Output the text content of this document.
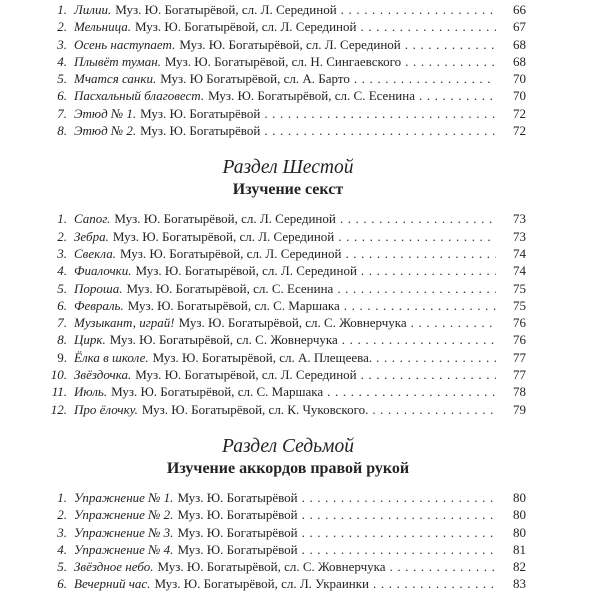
1. Лилии. Муз. Ю. Богатырёвой, сл. Л. Серединой .....	66
2. Мельница. Муз. Ю. Богатырёвой, сл. Л. Серединой .....	67
3. Осень наступает. Муз. Ю. Богатырёвой, сл. Л. Серединой .....	68
4. Плывёт туман. Муз. Ю. Богатырёвой, сл. Н. Сингаевского .....	68
5. Мчатся санки. Муз. Ю Богатырёвой, сл. А. Барто .....	70
6. Пасхальный благовест. Муз. Ю. Богатырёвой, сл. С. Есенина .....	70
7. Этюд № 1. Муз. Ю. Богатырёвой .....	72
8. Этюд № 2. Муз. Ю. Богатырёвой .....	72
Раздел Шестой
Изучение секст
1. Сапог. Муз. Ю. Богатырёвой, сл. Л. Серединой .....	73
2. Зебра. Муз. Ю. Богатырёвой, сл. Л. Серединой .....	73
3. Свекла. Муз. Ю. Богатырёвой, сл. Л. Серединой .....	74
4. Фиалочки. Муз. Ю. Богатырёвой, сл. Л. Серединой .....	74
5. Пороша. Муз. Ю. Богатырёвой, сл. С. Есенина .....	75
6. Февраль. Муз. Ю. Богатырёвой, сл. С. Маршака .....	75
7. Музыкант, играй! Муз. Ю. Богатырёвой, сл. С. Жовнерчука .....	76
8. Цирк. Муз. Ю. Богатырёвой, сл. С. Жовнерчука .....	76
9. Ёлка в школе. Муз. Ю. Богатырёвой, сл. А. Плещеева. .....	77
10. Звёздочка. Муз. Ю. Богатырёвой, сл. Л. Серединой .....	77
11. Июль. Муз. Ю. Богатырёвой, сл. С. Маршака .....	78
12. Про ёлочку. Муз. Ю. Богатырёвой, сл. К. Чуковского. .....	79
Раздел Седьмой
Изучение аккордов правой рукой
1. Упражнение № 1. Муз. Ю. Богатырёвой .....	80
2. Упражнение № 2. Муз. Ю. Богатырёвой .....	80
3. Упражнение № 3. Муз. Ю. Богатырёвой .....	80
4. Упражнение № 4. Муз. Ю. Богатырёвой .....	81
5. Звёздное небо. Муз. Ю. Богатырёвой, сл. С. Жовнерчука .....	82
6. Вечерний час. Муз. Ю. Богатырёвой, сл. Л. Украинки .....	83
